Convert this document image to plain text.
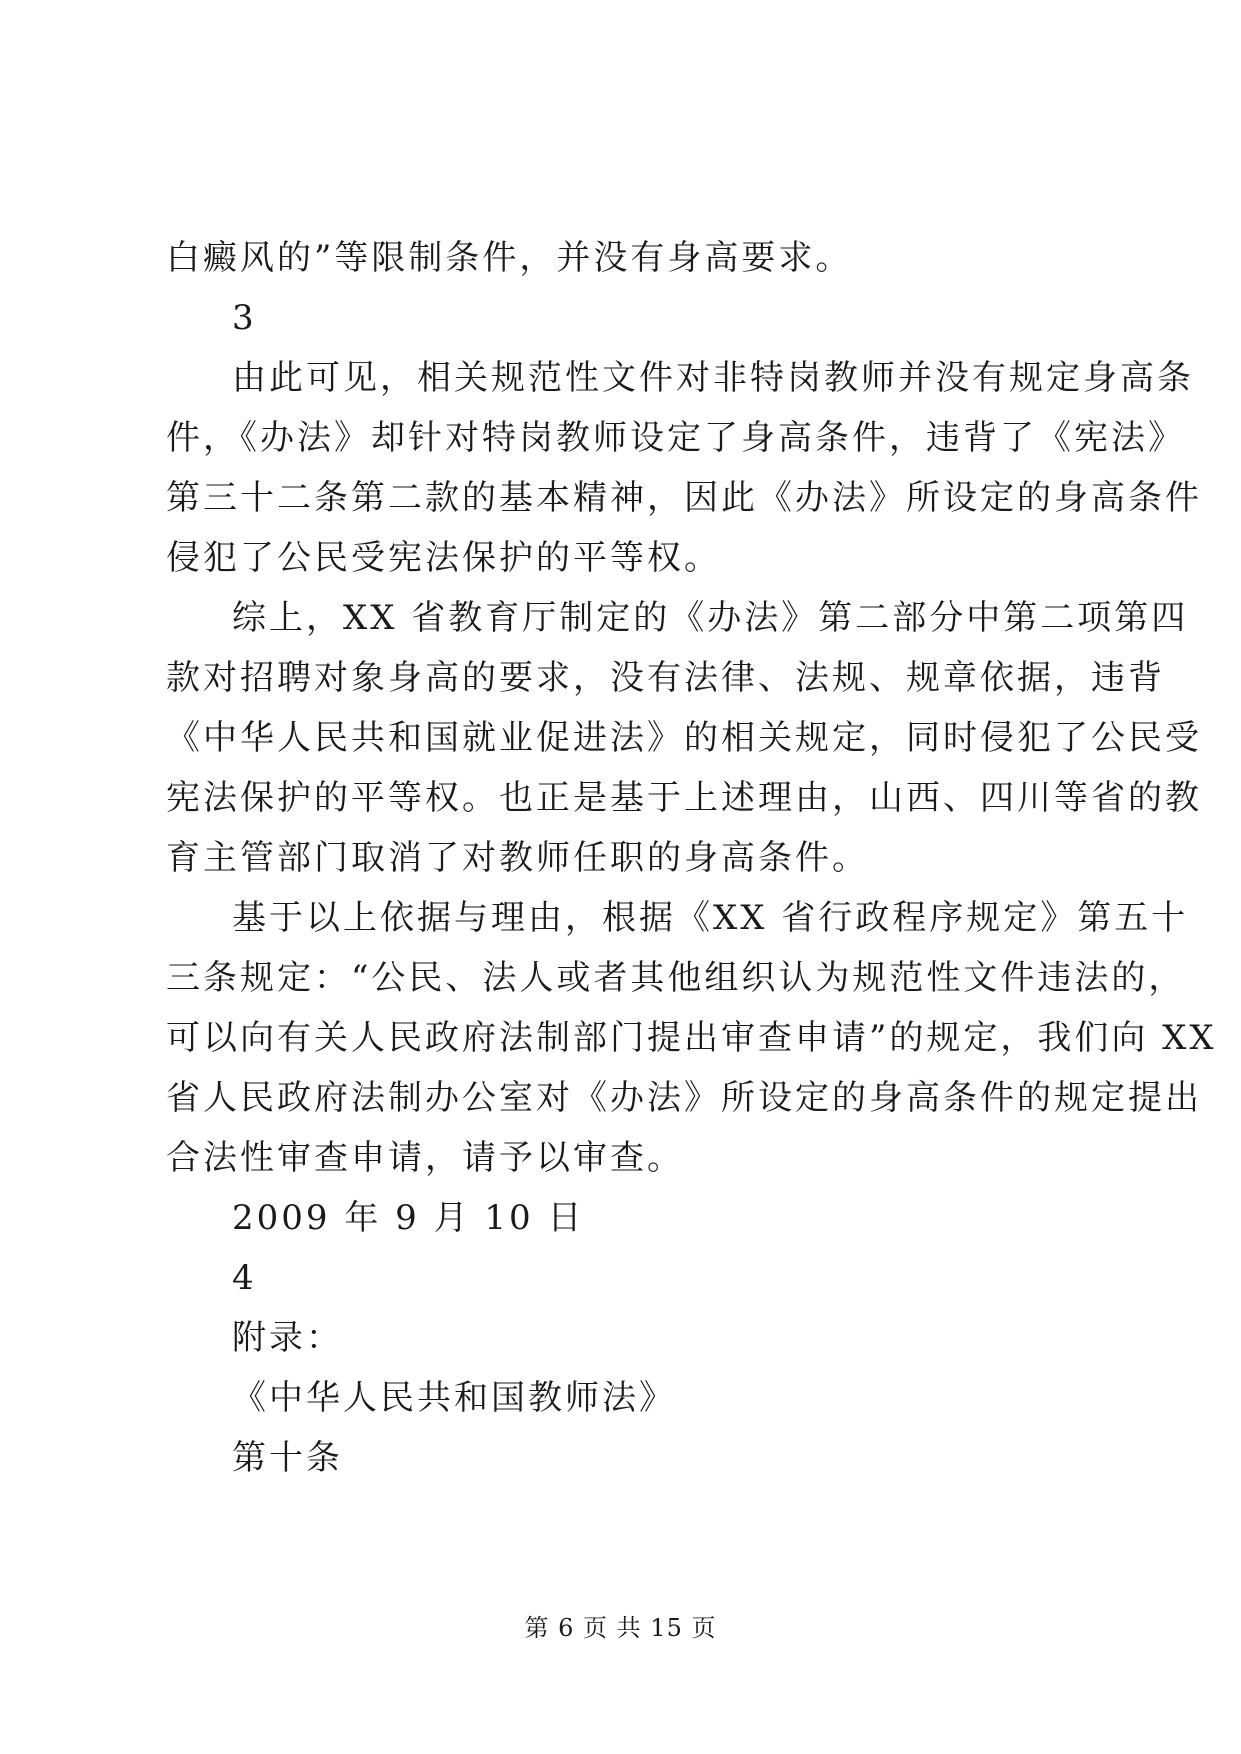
白癜风的”等限制条件，并没有身高要求。
3
由此可见，相关规范性文件对非特岗教师并没有规定身高条
件，《办法》却针对特岗教师设定了身高条件，违背了《宪法》
第三十二条第二款的基本精神，因此《办法》所设定的身高条件
侵犯了公民受宪法保护的平等权。
综上，XX 省教育厅制定的《办法》第二部分中第二项第四
款对招聘对象身高的要求，没有法律、法规、规章依据，违背
《中华人民共和国就业促进法》的相关规定，同时侵犯了公民受
宪法保护的平等权。也正是基于上述理由，山西、四川等省的教
育主管部门取消了对教师任职的身高条件。
基于以上依据与理由，根据《XX 省行政程序规定》第五十
三条规定：“公民、法人或者其他组织认为规范性文件违法的，
可以向有关人民政府法制部门提出审查申请”的规定，我们向 XX
省人民政府法制办公室对《办法》所设定的身高条件的规定提出
合法性审查申请，请予以审查。
2009 年 9 月 10 日
4
附录：
《中华人民共和国教师法》
第十条
第 6 页 共 15 页
